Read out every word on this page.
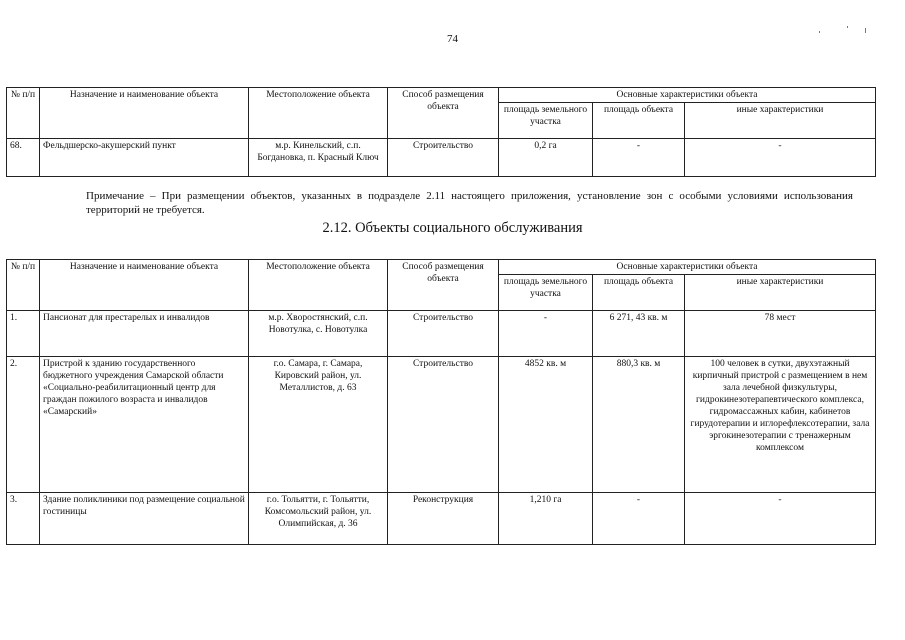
74
№ п/п	Назначение и наименование объекта	Местоположение объекта	Способ размещения объекта	Основные характеристики объекта		
				площадь земельного участка	площадь объекта	иные характеристики
68.	Фельдшерско-акушерский пункт	м.р. Кинельский, с.п. Богдановка, п. Красный Ключ	Строительство	0,2 га	-	-
Примечание – При размещении объектов, указанных в подразделе 2.11 настоящего приложения, установление зон с особыми условиями использования территорий не требуется.
2.12. Объекты социального обслуживания
№ п/п	Назначение и наименование объекта	Местоположение объекта	Способ размещения объекта	Основные характеристики объекта		
				площадь земельного участка	площадь объекта	иные характеристики
1.	Пансионат для престарелых и инвалидов	м.р. Хворостянский, с.п. Новотулка, с. Новотулка	Строительство	-	6 271, 43 кв. м	78 мест
2.	Пристрой к зданию государственного бюджетного учреждения Самарской области «Социально-реабилитационный центр для граждан пожилого возраста и инвалидов «Самарский»	г.о. Самара, г. Самара, Кировский район, ул. Металлистов, д. 63	Строительство	4852 кв. м	880,3 кв. м	100 человек в сутки, двухэтажный кирпичный пристрой с размещением в нем зала лечебной физкультуры, гидрокинезотерапевтического комплекса, гидромассажных кабин, кабинетов гирудотерапии и иглорефлексотерапии, зала эргокинезотерапии с тренажерным комплексом
3.	Здание поликлиники под размещение социальной гостиницы	г.о. Тольятти, г. Тольятти, Комсомольский район, ул. Олимпийская, д. 36	Реконструкция	1,210 га	-	-
